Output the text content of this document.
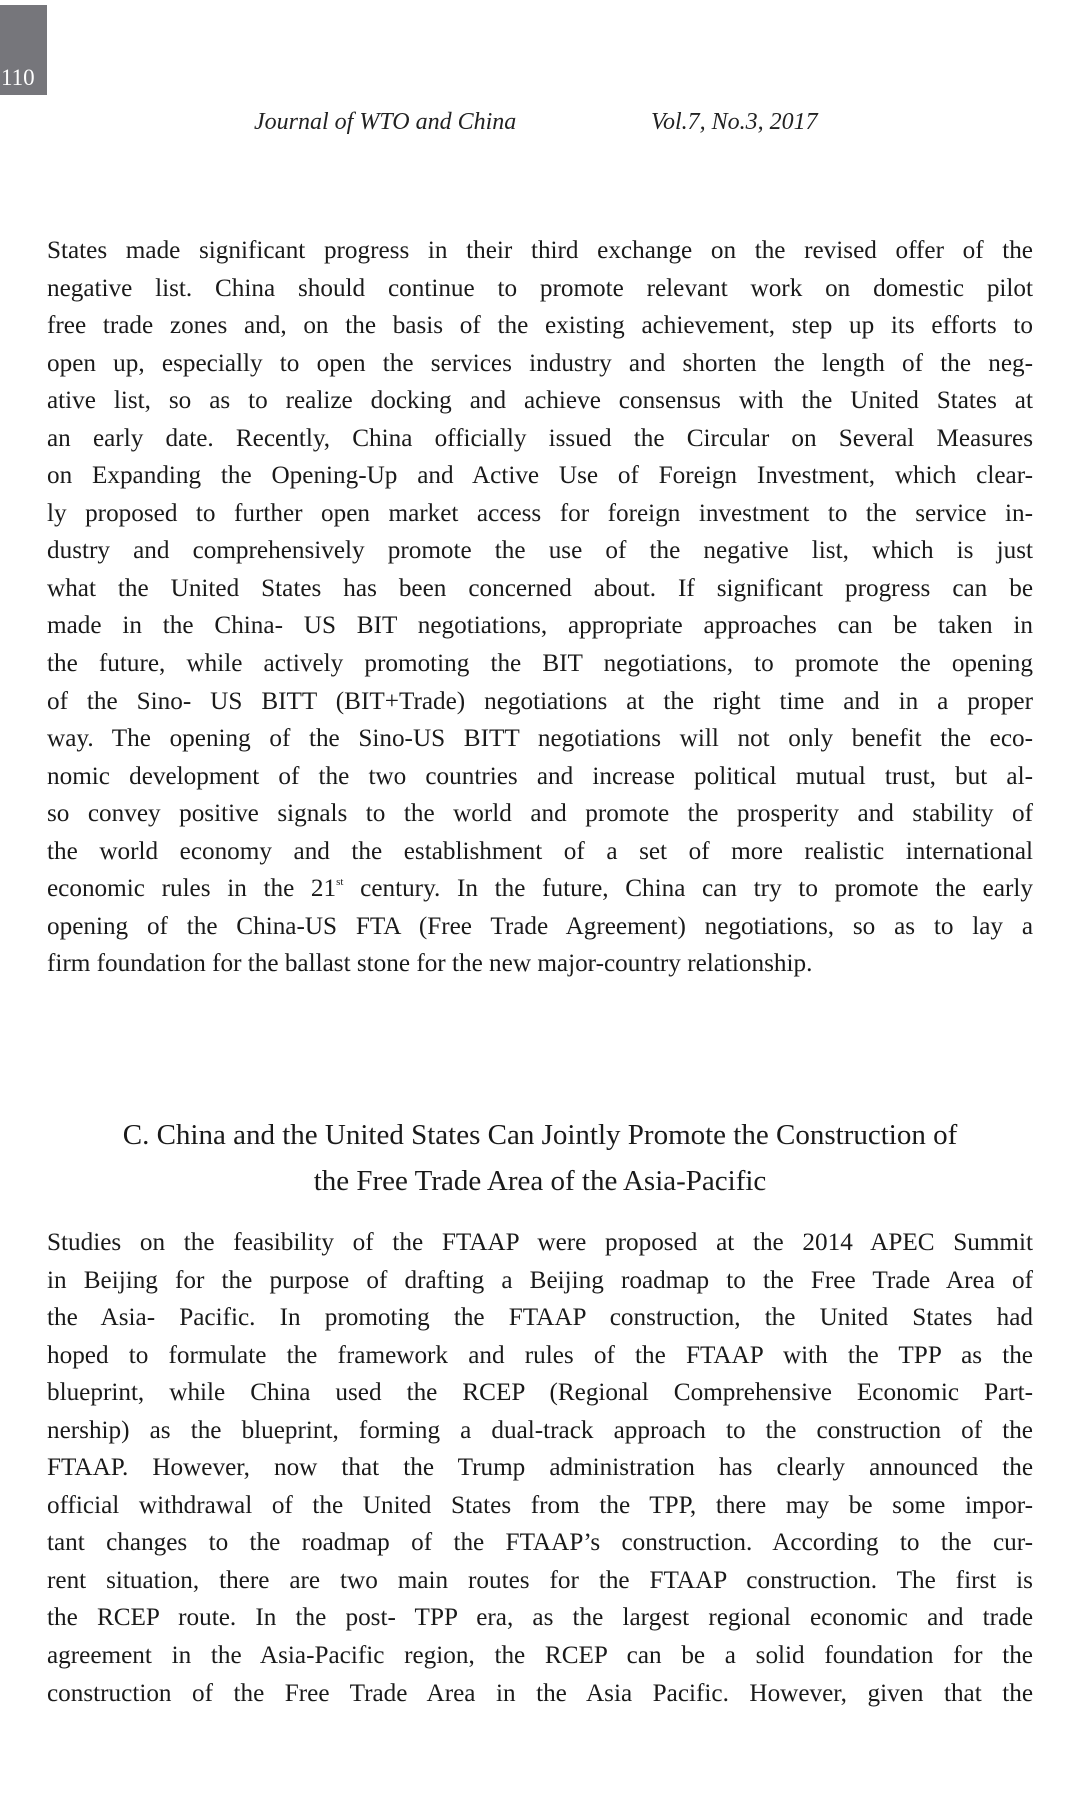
110
Journal of WTO and China	Vol.7, No.3, 2017
States made significant progress in their third exchange on the revised offer of the
negative list. China should continue to promote relevant work on domestic pilot
free trade zones and, on the basis of the existing achievement, step up its efforts to
open up, especially to open the services industry and shorten the length of the neg-
ative list, so as to realize docking and achieve consensus with the United States at
an early date. Recently, China officially issued the Circular on Several Measures
on Expanding the Opening-Up and Active Use of Foreign Investment, which clear-
ly proposed to further open market access for foreign investment to the service in-
dustry and comprehensively promote the use of the negative list, which is just
what the United States has been concerned about. If significant progress can be
made in the China- US BIT negotiations, appropriate approaches can be taken in
the future, while actively promoting the BIT negotiations, to promote the opening
of the Sino- US BITT (BIT+Trade) negotiations at the right time and in a proper
way. The opening of the Sino-US BITT negotiations will not only benefit the eco-
nomic development of the two countries and increase political mutual trust, but al-
so convey positive signals to the world and promote the prosperity and stability of
the world economy and the establishment of a set of more realistic international
economic rules in the 21st century. In the future, China can try to promote the early
opening of the China-US FTA (Free Trade Agreement) negotiations, so as to lay a
firm foundation for the ballast stone for the new major-country relationship.
C. China and the United States Can Jointly Promote the Construction of
the Free Trade Area of the Asia-Pacific
Studies on the feasibility of the FTAAP were proposed at the 2014 APEC Summit
in Beijing for the purpose of drafting a Beijing roadmap to the Free Trade Area of
the Asia- Pacific. In promoting the FTAAP construction, the United States had
hoped to formulate the framework and rules of the FTAAP with the TPP as the
blueprint, while China used the RCEP (Regional Comprehensive Economic Part-
nership) as the blueprint, forming a dual-track approach to the construction of the
FTAAP. However, now that the Trump administration has clearly announced the
official withdrawal of the United States from the TPP, there may be some impor-
tant changes to the roadmap of the FTAAP’s construction. According to the cur-
rent situation, there are two main routes for the FTAAP construction. The first is
the RCEP route. In the post- TPP era, as the largest regional economic and trade
agreement in the Asia-Pacific region, the RCEP can be a solid foundation for the
construction of the Free Trade Area in the Asia Pacific. However, given that the
